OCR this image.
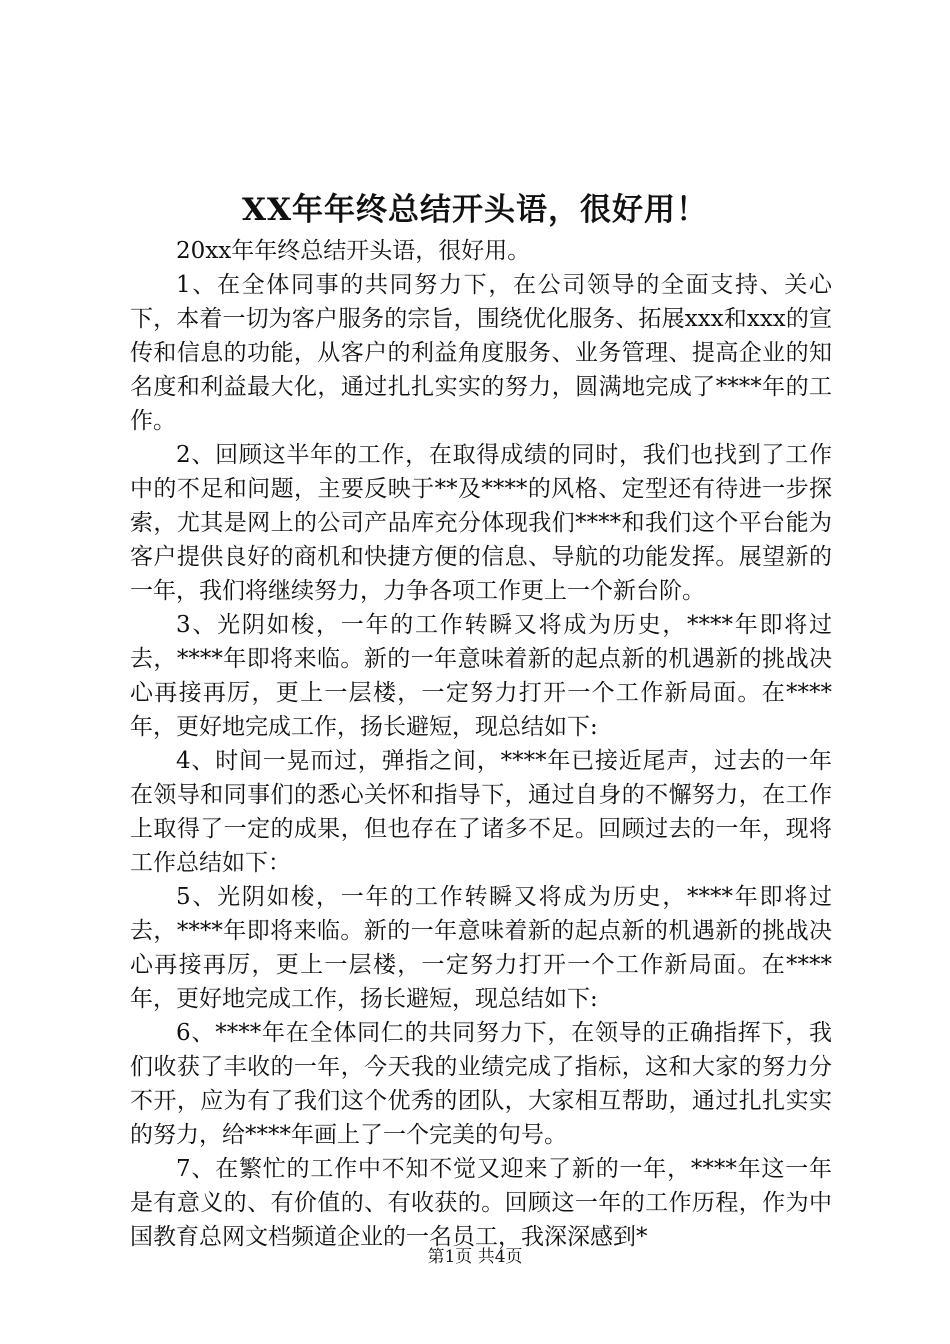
XX年年终总结开头语，很好用！

20xx年年终总结开头语，很好用。

1、在全体同事的共同努力下，在公司领导的全面支持、关心下，本着一切为客户服务的宗旨，围绕优化服务、拓展xxx和xxx的宣传和信息的功能，从客户的利益角度服务、业务管理、提高企业的知名度和利益最大化，通过扎扎实实的努力，圆满地完成了****年的工作。

2、回顾这半年的工作，在取得成绩的同时，我们也找到了工作中的不足和问题，主要反映于**及****的风格、定型还有待进一步探索，尤其是网上的公司产品库充分体现我们****和我们这个平台能为客户提供良好的商机和快捷方便的信息、导航的功能发挥。展望新的一年，我们将继续努力，力争各项工作更上一个新台阶。

3、光阴如梭，一年的工作转瞬又将成为历史，****年即将过去，****年即将来临。新的一年意味着新的起点新的机遇新的挑战决心再接再厉，更上一层楼，一定努力打开一个工作新局面。在****年，更好地完成工作，扬长避短，现总结如下:

4、时间一晃而过，弹指之间，****年已接近尾声，过去的一年在领导和同事们的悉心关怀和指导下，通过自身的不懈努力，在工作上取得了一定的成果，但也存在了诸多不足。回顾过去的一年，现将工作总结如下：

5、光阴如梭，一年的工作转瞬又将成为历史，****年即将过去，****年即将来临。新的一年意味着新的起点新的机遇新的挑战决心再接再厉，更上一层楼，一定努力打开一个工作新局面。在****年，更好地完成工作，扬长避短，现总结如下:

6、****年在全体同仁的共同努力下，在领导的正确指挥下，我们收获了丰收的一年，今天我的业绩完成了指标，这和大家的努力分不开，应为有了我们这个优秀的团队，大家相互帮助，通过扎扎实实的努力，给****年画上了一个完美的句号。

7、在繁忙的工作中不知不觉又迎来了新的一年，****年这一年是有意义的、有价值的、有收获的。回顾这一年的工作历程，作为中国教育总网文档频道企业的一名员工，我深深感到*

第1页 共4页
